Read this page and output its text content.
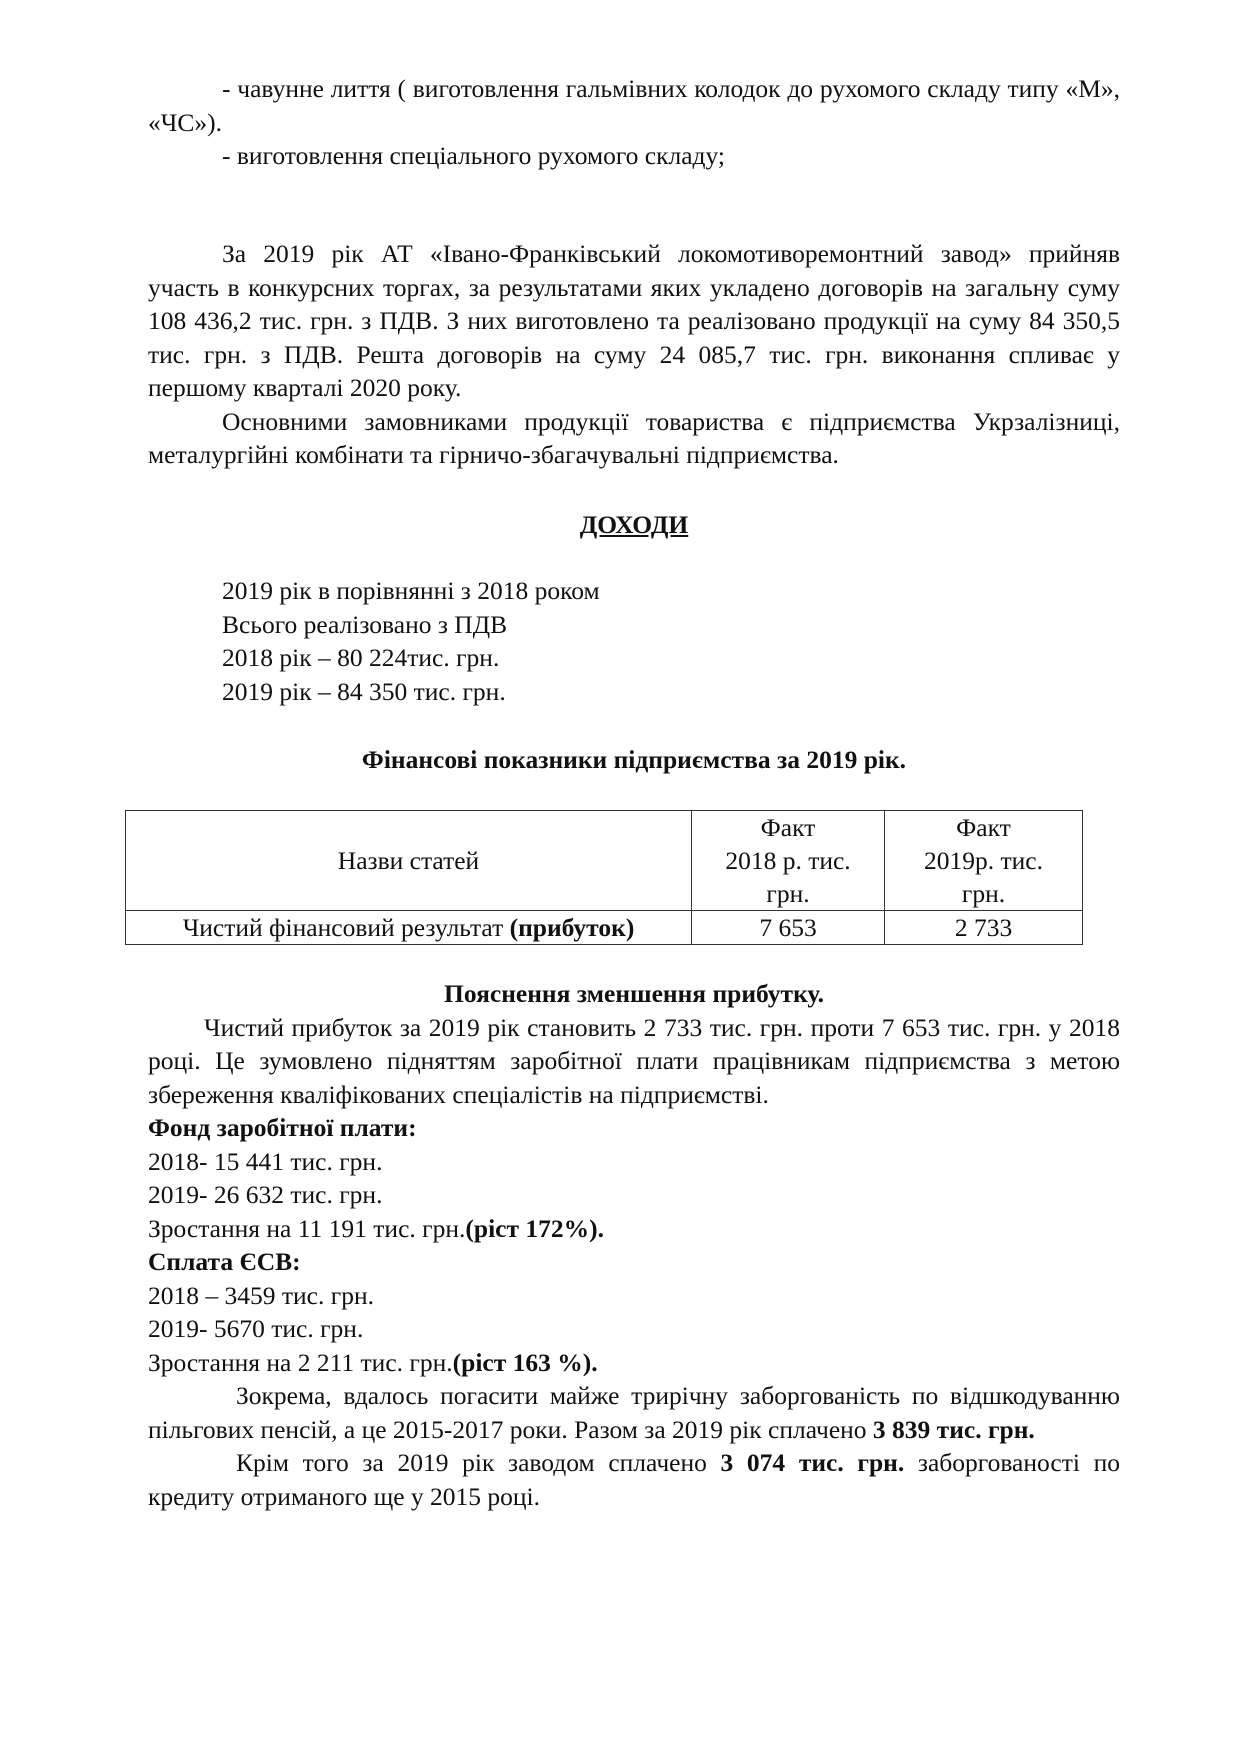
- чавунне лиття ( виготовлення гальмівних колодок до рухомого складу типу «М», «ЧС»).

- виготовлення спеціального рухомого складу;

За 2019 рік АТ «Івано-Франківський локомотиворемонтний завод» прийняв участь в конкурсних торгах, за результатами яких укладено договорів на загальну суму 108 436,2 тис. грн. з ПДВ. З них виготовлено та реалізовано продукції на суму 84 350,5 тис. грн. з ПДВ. Решта договорів на суму 24 085,7 тис. грн. виконання спливає у першому кварталі 2020 року.

Основними замовниками продукції товариства є підприємства Укрзалізниці, металургійні комбінати та гірничо-збагачувальні підприємства.

ДОХОДИ

2019 рік в порівнянні з 2018 роком

Всього реалізовано з ПДВ

2018 рік – 80 224тис. грн.

2019 рік – 84 350 тис. грн.

Фінансові показники підприємства за 2019 рік.

Назви статей	Факт
2018 р. тис.
грн.	Факт
2019р. тис.
грн.
Чистий фінансовий результат (прибуток)	7 653	2 733

Пояснення зменшення прибутку.

Чистий прибуток за 2019 рік становить 2 733 тис. грн. проти 7 653 тис. грн. у 2018 році. Це зумовлено підняттям заробітної плати працівникам підприємства з метою збереження кваліфікованих спеціалістів на підприємстві.

Фонд заробітної плати:

2018- 15 441 тис. грн.

2019- 26 632 тис. грн.

Зростання на 11 191 тис. грн.(ріст 172%).

Сплата ЄСВ:

2018 – 3459 тис. грн.

2019- 5670 тис. грн.

Зростання на 2 211 тис. грн.(ріст 163 %).

Зокрема, вдалось погасити майже трирічну заборгованість по відшкодуванню пільгових пенсій, а це 2015-2017 роки. Разом за 2019 рік сплачено 3 839 тис. грн.

Крім того за 2019 рік заводом сплачено 3 074 тис. грн. заборгованості по кредиту отриманого ще у 2015 році.
